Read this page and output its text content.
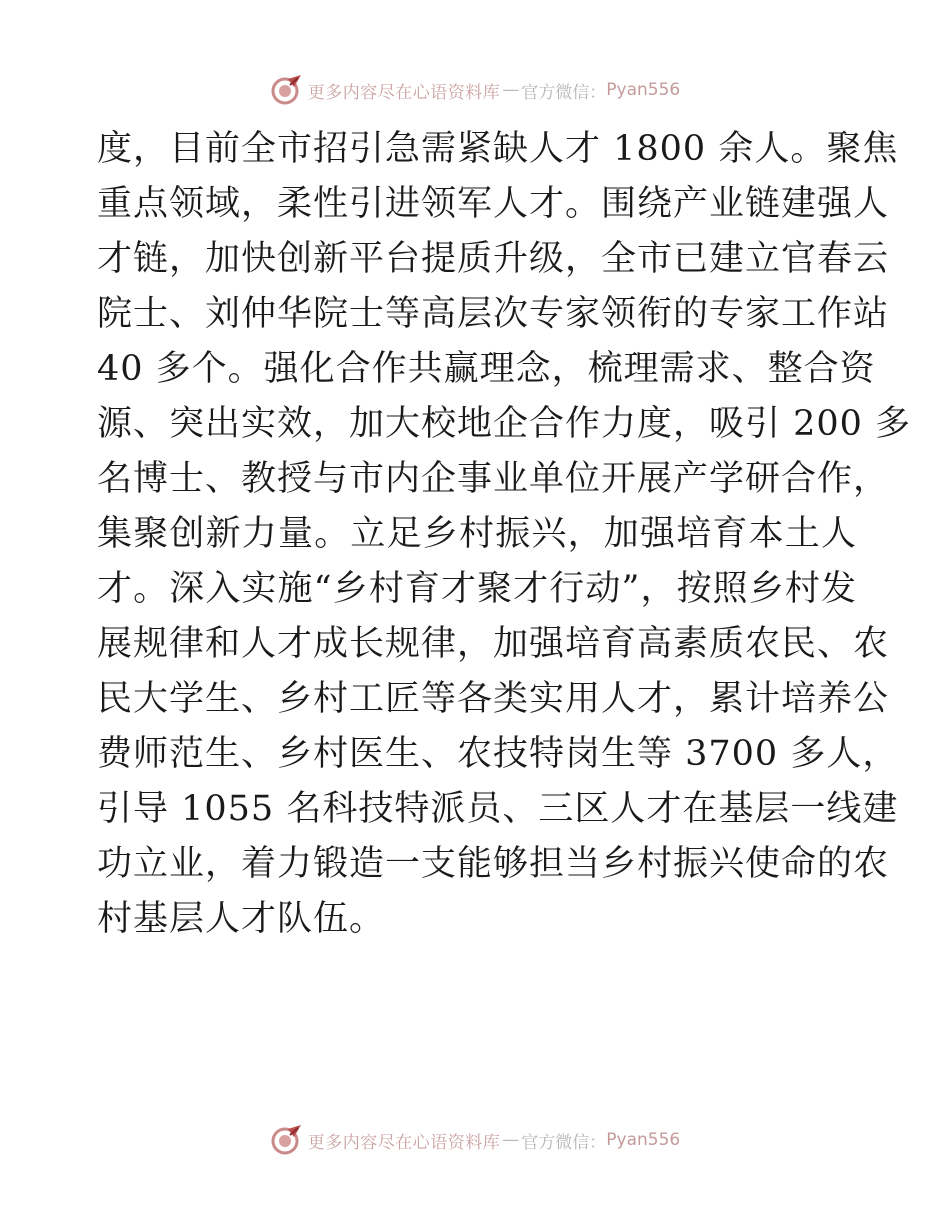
更多内容尽在心语资料库 — 官方微信： Pyan556
度，目前全市招引急需紧缺人才 1800 余人。聚焦
重点领域，柔性引进领军人才。围绕产业链建强人
才链，加快创新平台提质升级，全市已建立官春云
院士、刘仲华院士等高层次专家领衔的专家工作站
40 多个。强化合作共赢理念，梳理需求、整合资
源、突出实效，加大校地企合作力度，吸引 200 多
名博士、教授与市内企事业单位开展产学研合作，
集聚创新力量。立足乡村振兴，加强培育本土人
才。深入实施“乡村育才聚才行动”，按照乡村发
展规律和人才成长规律，加强培育高素质农民、农
民大学生、乡村工匠等各类实用人才，累计培养公
费师范生、乡村医生、农技特岗生等 3700 多人，
引导 1055 名科技特派员、三区人才在基层一线建
功立业，着力锻造一支能够担当乡村振兴使命的农
村基层人才队伍。
更多内容尽在心语资料库 — 官方微信： Pyan556
